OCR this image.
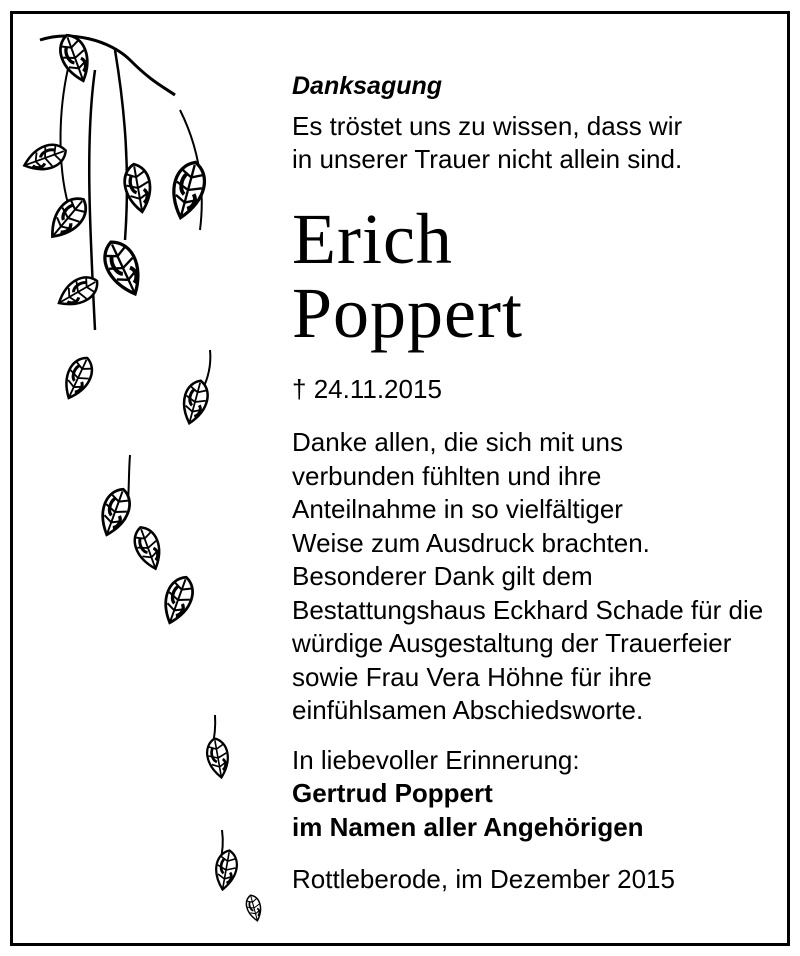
Danksagung

Es tröstet uns zu wissen, dass wir
in unserer Trauer nicht allein sind.

Erich
Poppert

† 24.11.2015

Danke allen, die sich mit uns
verbunden fühlten und ihre
Anteilnahme in so vielfältiger
Weise zum Ausdruck brachten.
Besonderer Dank gilt dem
Bestattungshaus Eckhard Schade für die
würdige Ausgestaltung der Trauerfeier
sowie Frau Vera Höhne für ihre
einfühlsamen Abschiedsworte.

In liebevoller Erinnerung:

Gertrud Poppert
im Namen aller Angehörigen

Rottleberode, im Dezember 2015
